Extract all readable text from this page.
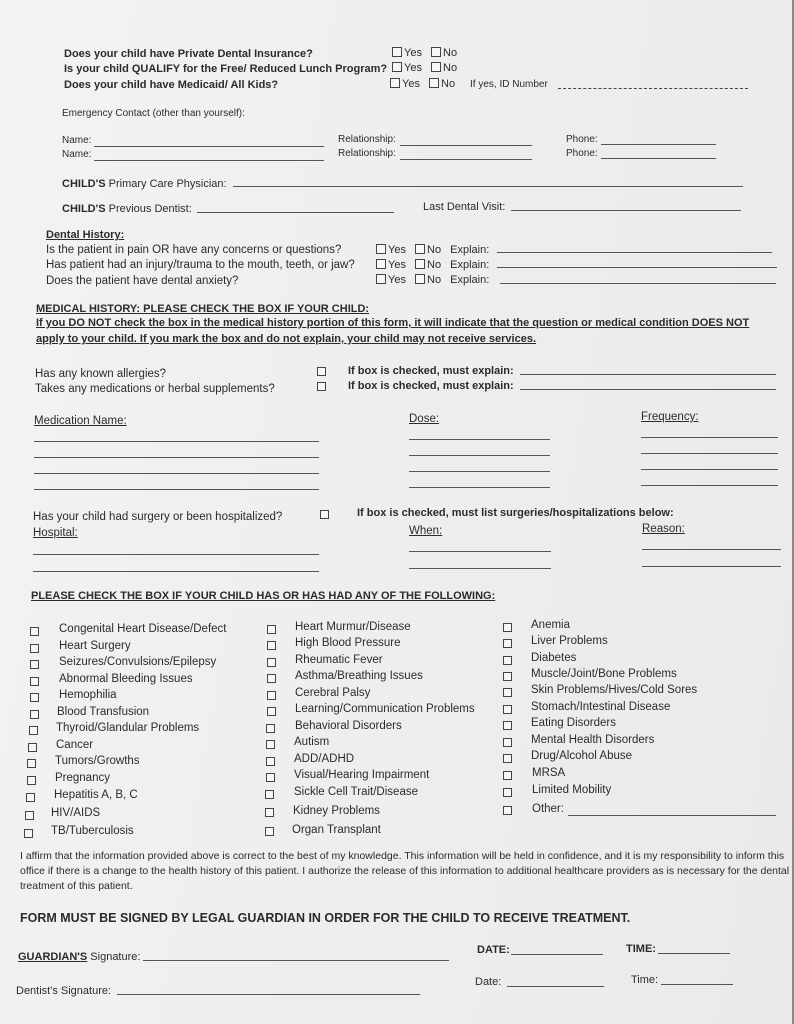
Does your child have Private Dental Insurance?	Yes No
Is your child QUALIFY for the Free/ Reduced Lunch Program?	Yes No
Does your child have Medicaid/ All Kids?	Yes No If yes, ID Number
Emergency Contact (other than yourself):
Name:	Relationship:	Phone:
Name:	Relationship:	Phone:
CHILD'S Primary Care Physician:
CHILD'S Previous Dentist:	Last Dental Visit:
Dental History:
Is the patient in pain OR have any concerns or questions?	Yes No Explain:
Has patient had an injury/trauma to the mouth, teeth, or jaw?	Yes No Explain:
Does the patient have dental anxiety?	Yes No Explain:
MEDICAL HISTORY: PLEASE CHECK THE BOX IF YOUR CHILD:
If you DO NOT check the box in the medical history portion of this form, it will indicate that the question or medical condition DOES NOT
apply to your child. If you mark the box and do not explain, your child may not receive services.
Has any known allergies?	If box is checked, must explain:
Takes any medications or herbal supplements?	If box is checked, must explain:
Medication Name:	Dose:	Frequency:
Has your child had surgery or been hospitalized?	If box is checked, must list surgeries/hospitalizations below:
Hospital:	When:	Reason:
PLEASE CHECK THE BOX IF YOUR CHILD HAS OR HAS HAD ANY OF THE FOLLOWING:
Congenital Heart Disease/Defect
Heart Surgery
Seizures/Convulsions/Epilepsy
Abnormal Bleeding Issues
Hemophilia
Blood Transfusion
Thyroid/Glandular Problems
Cancer
Tumors/Growths
Pregnancy
Hepatitis A, B, C
HIV/AIDS
TB/Tuberculosis
Heart Murmur/Disease
High Blood Pressure
Rheumatic Fever
Asthma/Breathing Issues
Cerebral Palsy
Learning/Communication Problems
Behavioral Disorders
Autism
ADD/ADHD
Visual/Hearing Impairment
Sickle Cell Trait/Disease
Kidney Problems
Organ Transplant
Anemia
Liver Problems
Diabetes
Muscle/Joint/Bone Problems
Skin Problems/Hives/Cold Sores
Stomach/Intestinal Disease
Eating Disorders
Mental Health Disorders
Drug/Alcohol Abuse
MRSA
Limited Mobility
Other:
I affirm that the information provided above is correct to the best of my knowledge. This information will be held in confidence, and it is my responsibility to inform this office if there is a change to the health history of this patient. I authorize the release of this information to additional healthcare providers as is necessary for the dental treatment of this patient.
FORM MUST BE SIGNED BY LEGAL GUARDIAN IN ORDER FOR THE CHILD TO RECEIVE TREATMENT.
GUARDIAN'S Signature:
DATE:	TIME:
Dentist's Signature:
Date:	Time:
